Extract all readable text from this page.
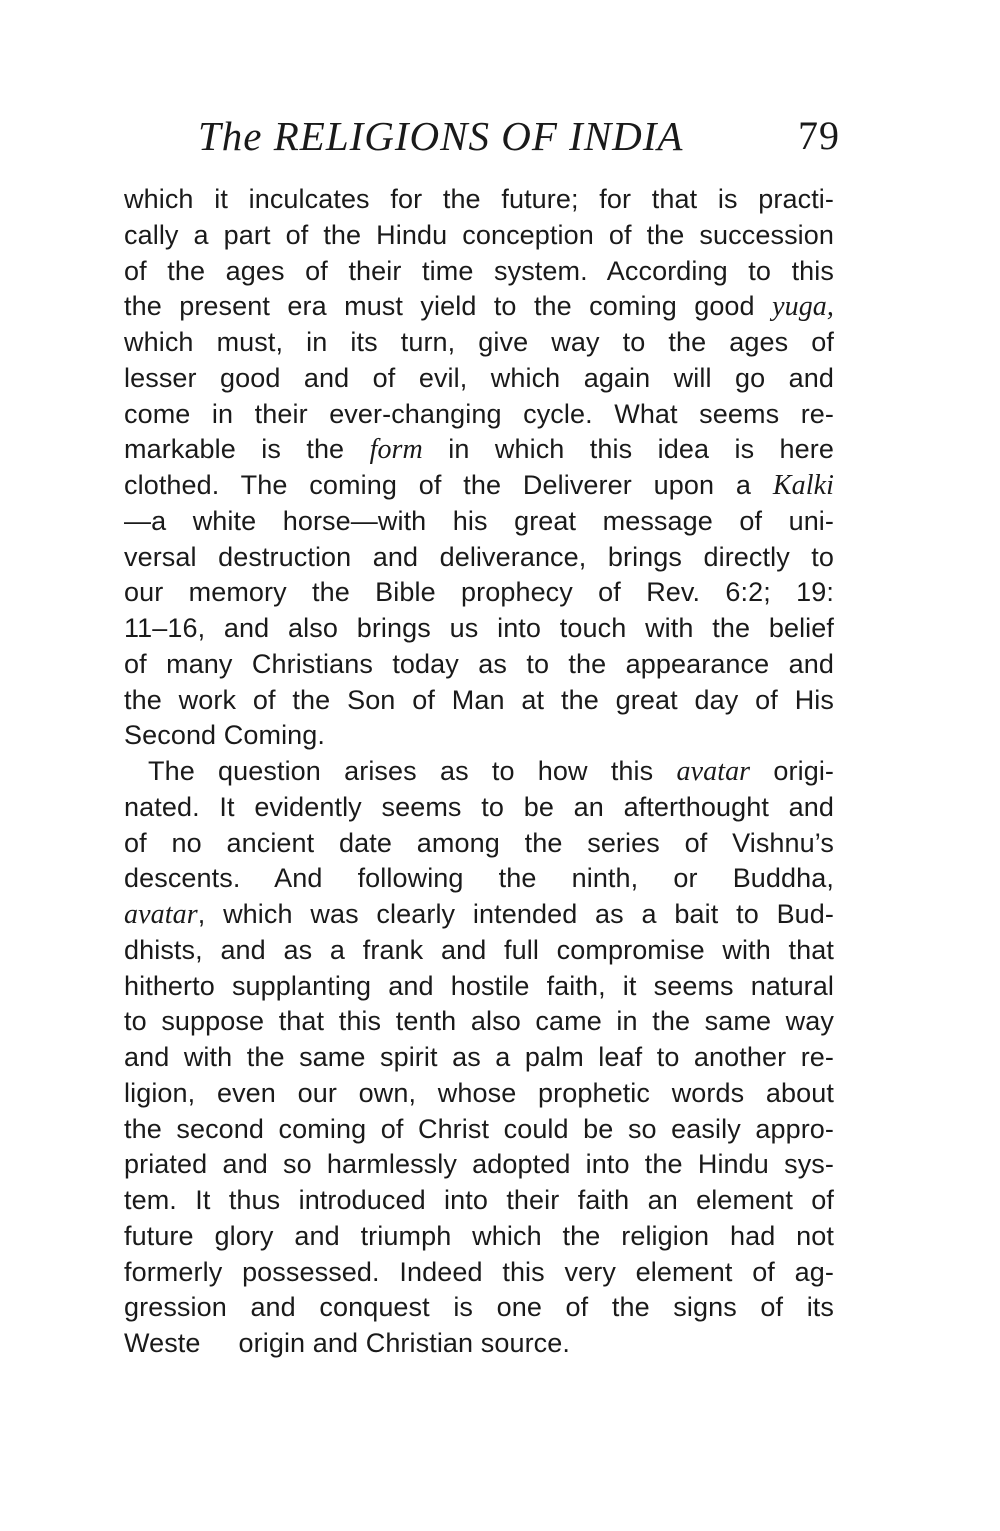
The RELIGIONS OF INDIA	79
which it inculcates for the future; for that is practi-
cally a part of the Hindu conception of the succession
of the ages of their time system. According to this
the present era must yield to the coming good yuga,
which must, in its turn, give way to the ages of
lesser good and of evil, which again will go and
come in their ever-changing cycle. What seems re-
markable is the form in which this idea is here
clothed. The coming of the Deliverer upon a Kalki
—a white horse—with his great message of uni-
versal destruction and deliverance, brings directly to
our memory the Bible prophecy of Rev. 6:2; 19:
11–16, and also brings us into touch with the belief
of many Christians today as to the appearance and
the work of the Son of Man at the great day of His
Second Coming.
The question arises as to how this avatar origi-
nated. It evidently seems to be an afterthought and
of no ancient date among the series of Vishnu’s
descents. And following the ninth, or Buddha,
avatar, which was clearly intended as a bait to Bud-
dhists, and as a frank and full compromise with that
hitherto supplanting and hostile faith, it seems natural
to suppose that this tenth also came in the same way
and with the same spirit as a palm leaf to another re-
ligion, even our own, whose prophetic words about
the second coming of Christ could be so easily appro-
priated and so harmlessly adopted into the Hindu sys-
tem. It thus introduced into their faith an element of
future glory and triumph which the religion had not
formerly possessed. Indeed this very element of ag-
gression and conquest is one of the signs of its
Weste origin and Christian source.
